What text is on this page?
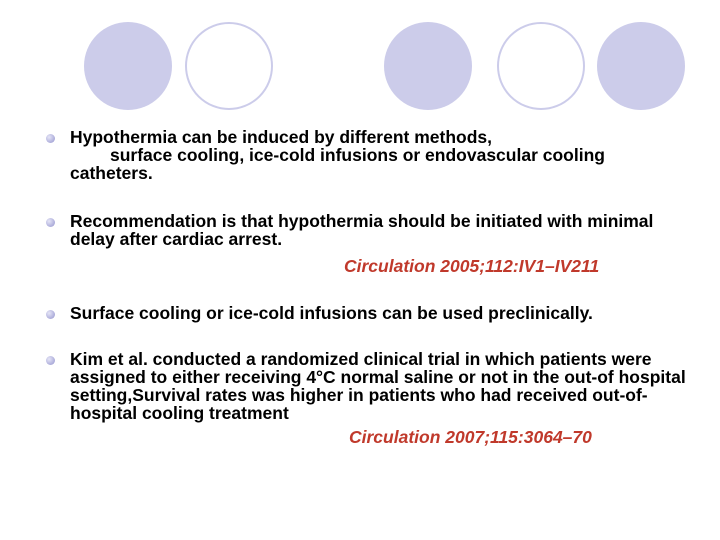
Hypothermia can be induced by different methods,
surface cooling, ice-cold infusions or endovascular cooling
catheters.
Recommendation is that hypothermia should be initiated with minimal delay after cardiac arrest.
Circulation 2005;112:IV1–IV211
Surface cooling or ice-cold infusions can be used preclinically.
Kim et al. conducted a randomized clinical trial in which patients were assigned to either receiving 4°C normal saline or not in the out-of hospital setting,Survival rates was higher in patients who had received out-of-hospital cooling treatment
Circulation 2007;115:3064–70
